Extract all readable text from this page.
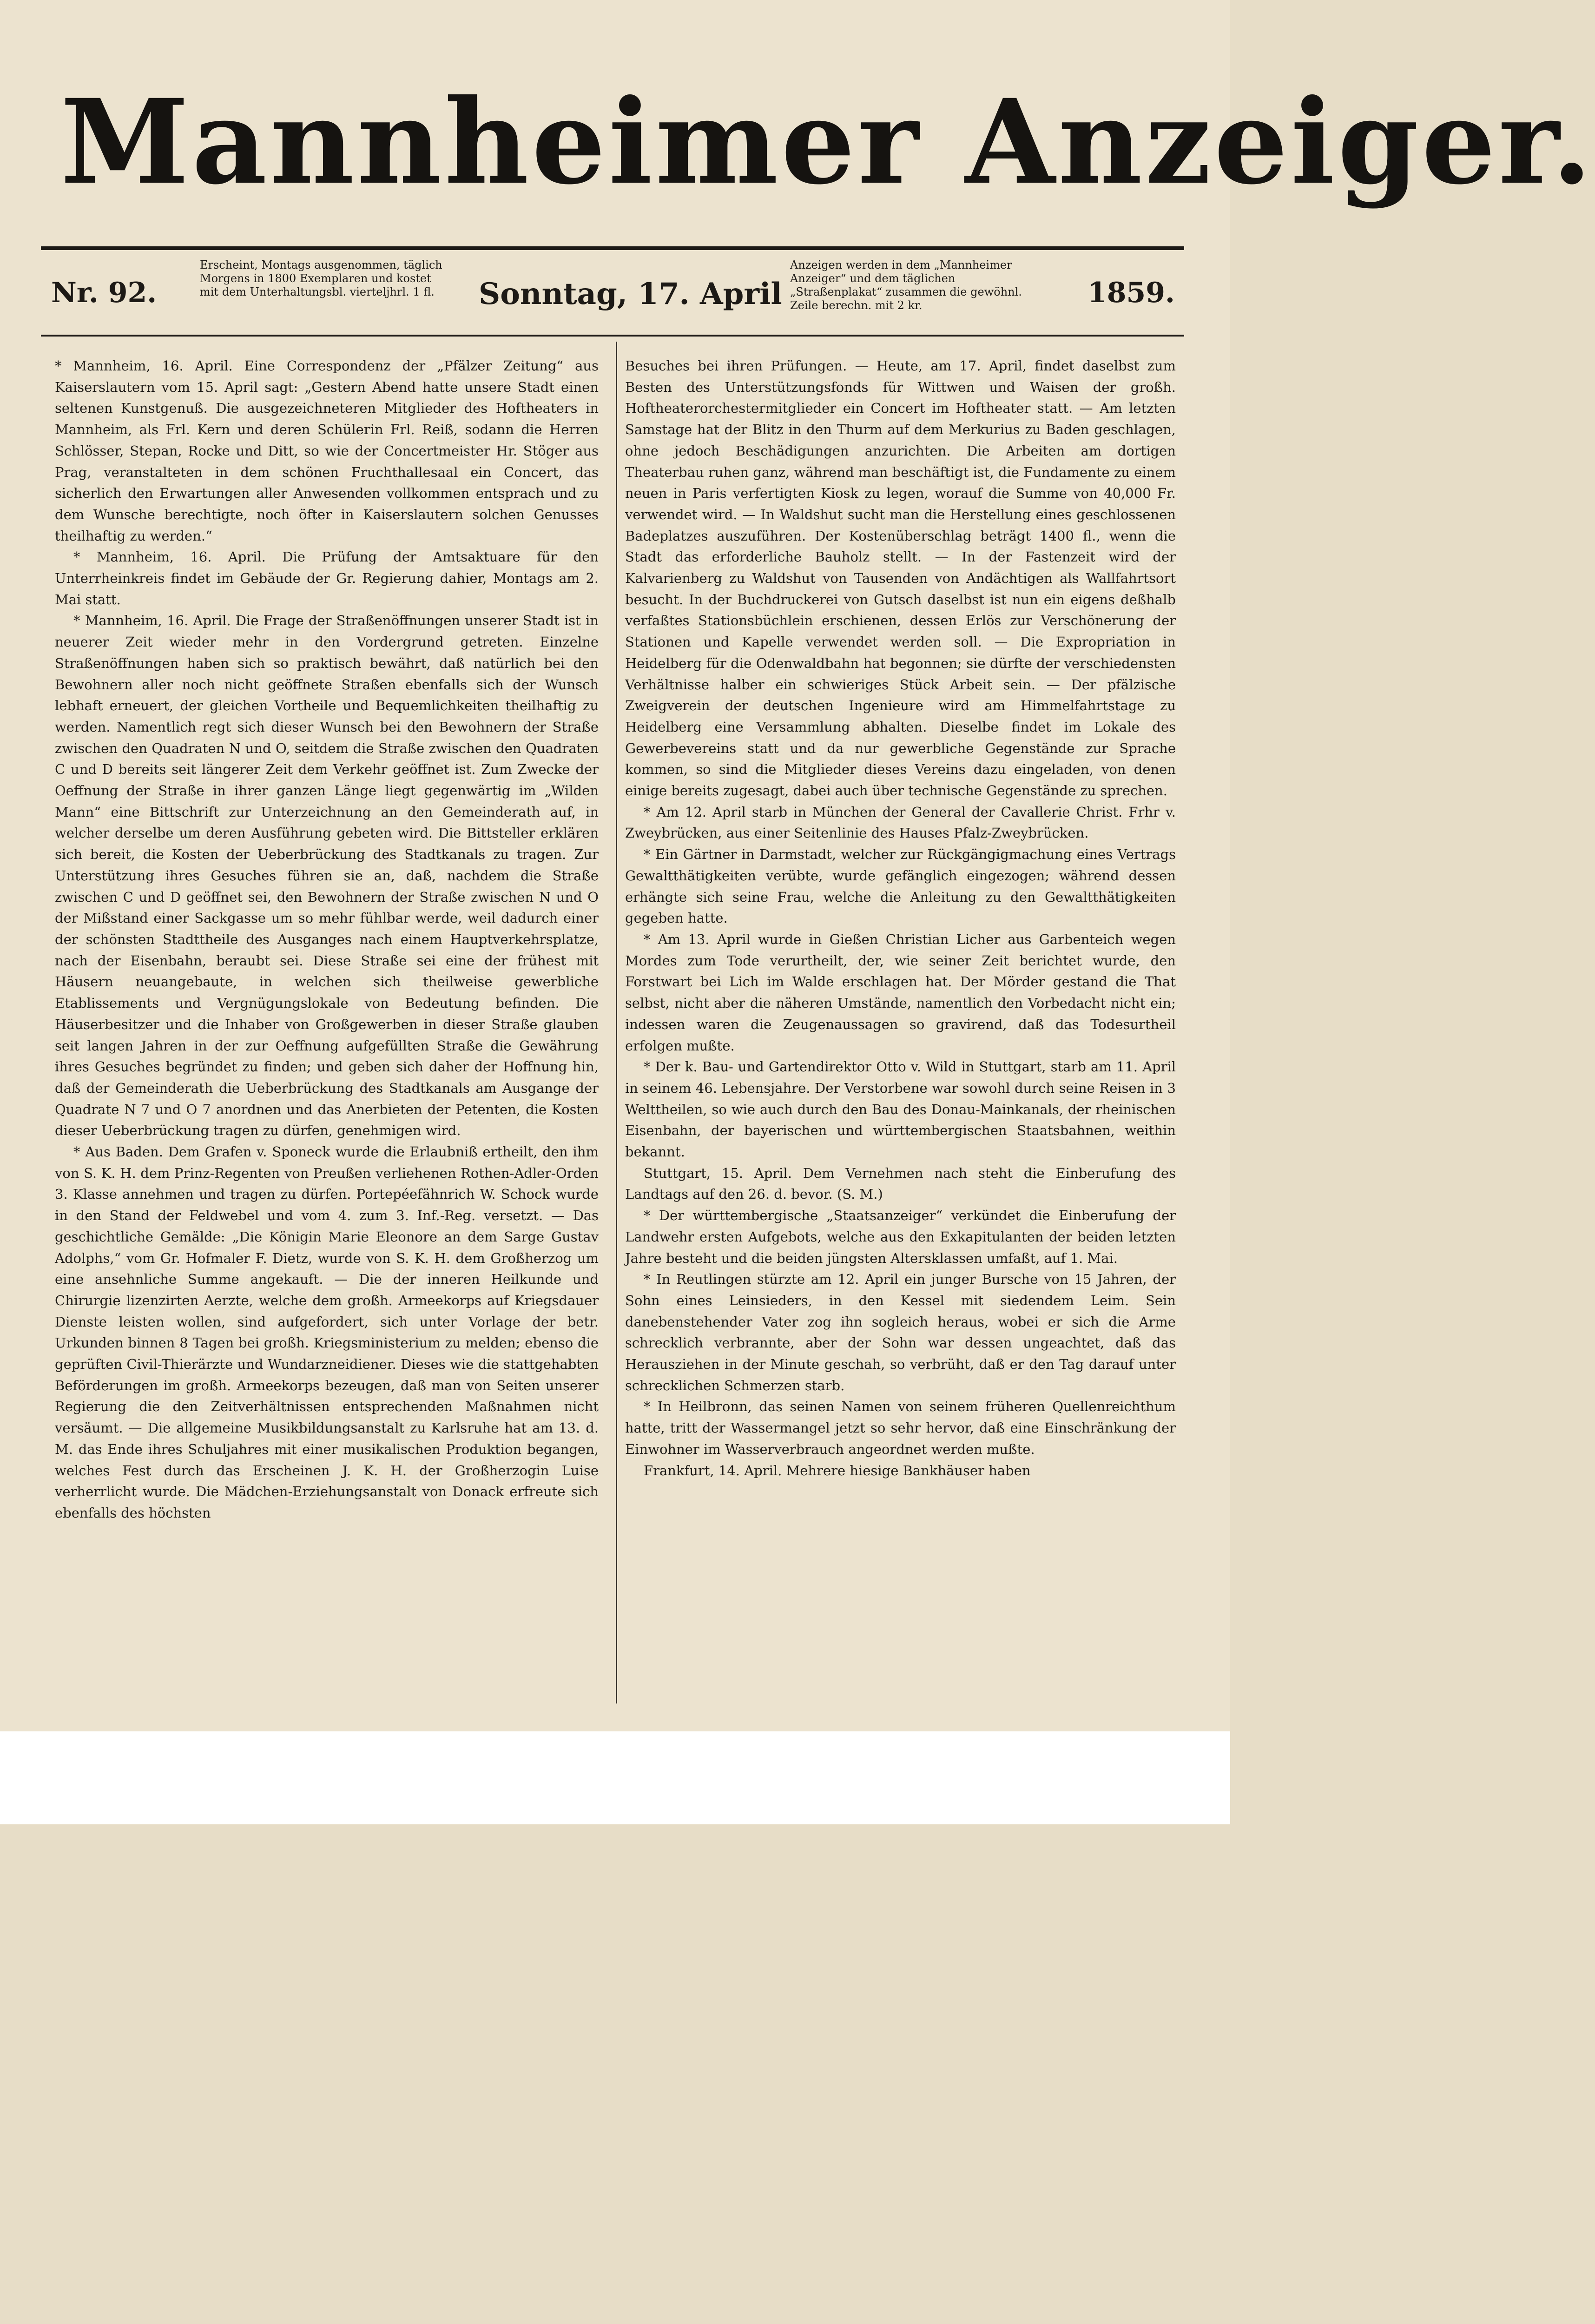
Mannheimer Anzeiger.
Nr. 92.
Erscheint, Montags ausgenommen, täglich Morgens in 1800 Exemplaren und kostet mit dem Unterhaltungsbl. vierteljhrl. 1 fl.	Sonntag, 17. April
Anzeigen werden in dem „Mannheimer Anzeiger“ und dem täglichen „Straßenplakat“ zusammen die gewöhnl. Zeile berechn. mit 2 kr.	1859.

* Mannheim, 16. April. Eine Correspondenz der „Pfälzer Zeitung“ aus Kaiserslautern vom 15. April sagt: „Gestern Abend hatte unsere Stadt einen seltenen Kunstgenuß. Die ausgezeichneteren Mitglieder des Hoftheaters in Mannheim, als Frl. Kern und deren Schülerin Frl. Reiß, sodann die Herren Schlösser, Stepan, Rocke und Ditt, so wie der Concertmeister Hr. Stöger aus Prag, veranstalteten in dem schönen Fruchthallesaal ein Concert, das sicherlich den Erwartungen aller Anwesenden vollkommen entsprach und zu dem Wunsche berechtigte, noch öfter in Kaiserslautern solchen Genusses theilhaftig zu werden.“

* Mannheim, 16. April. Die Prüfung der Amtsaktuare für den Unterrheinkreis findet im Gebäude der Gr. Regierung dahier, Montags am 2. Mai statt.

* Mannheim, 16. April. Die Frage der Straßenöffnungen unserer Stadt ist in neuerer Zeit wieder mehr in den Vordergrund getreten. Einzelne Straßenöffnungen haben sich so praktisch bewährt, daß natürlich bei den Bewohnern aller noch nicht geöffnete Straßen ebenfalls sich der Wunsch lebhaft erneuert, der gleichen Vortheile und Bequemlichkeiten theilhaftig zu werden. Namentlich regt sich dieser Wunsch bei den Bewohnern der Straße zwischen den Quadraten N und O, seitdem die Straße zwischen den Quadraten C und D bereits seit längerer Zeit dem Verkehr geöffnet ist. Zum Zwecke der Oeffnung der Straße in ihrer ganzen Länge liegt gegenwärtig im „Wilden Mann“ eine Bittschrift zur Unterzeichnung an den Gemeinderath auf, in welcher derselbe um deren Ausführung gebeten wird. Die Bittsteller erklären sich bereit, die Kosten der Ueberbrückung des Stadtkanals zu tragen. Zur Unterstützung ihres Gesuches führen sie an, daß, nachdem die Straße zwischen C und D geöffnet sei, den Bewohnern der Straße zwischen N und O der Mißstand einer Sackgasse um so mehr fühlbar werde, weil dadurch einer der schönsten Stadttheile des Ausganges nach einem Hauptverkehrsplatze, nach der Eisenbahn, beraubt sei. Diese Straße sei eine der frühest mit Häusern neuangebaute, in welchen sich theilweise gewerbliche Etablissements und Vergnügungslokale von Bedeutung befinden. Die Häuserbesitzer und die Inhaber von Großgewerben in dieser Straße glauben seit langen Jahren in der zur Oeffnung aufgefüllten Straße die Gewährung ihres Gesuches begründet zu finden; und geben sich daher der Hoffnung hin, daß der Gemeinderath die Ueberbrückung des Stadtkanals am Ausgange der Quadrate N 7 und O 7 anordnen und das Anerbieten der Petenten, die Kosten dieser Ueberbrückung tragen zu dürfen, genehmigen wird.

* Aus Baden. Dem Grafen v. Sponeck wurde die Erlaubniß ertheilt, den ihm von S. K. H. dem Prinz-Regenten von Preußen verliehenen Rothen-Adler-Orden 3. Klasse annehmen und tragen zu dürfen. Portepéefähnrich W. Schock wurde in den Stand der Feldwebel und vom 4. zum 3. Inf.-Reg. versetzt. — Das geschichtliche Gemälde: „Die Königin Marie Eleonore an dem Sarge Gustav Adolphs,“ vom Gr. Hofmaler F. Dietz, wurde von S. K. H. dem Großherzog um eine ansehnliche Summe angekauft. — Die der inneren Heilkunde und Chirurgie lizenzirten Aerzte, welche dem großh. Armeekorps auf Kriegsdauer Dienste leisten wollen, sind aufgefordert, sich unter Vorlage der betr. Urkunden binnen 8 Tagen bei großh. Kriegsministerium zu melden; ebenso die geprüften Civil-Thierärzte und Wundarzneidiener. Dieses wie die stattgehabten Beförderungen im großh. Armeekorps bezeugen, daß man von Seiten unserer Regierung die den Zeitverhältnissen entsprechenden Maßnahmen nicht versäumt. — Die allgemeine Musikbildungsanstalt zu Karlsruhe hat am 13. d. M. das Ende ihres Schuljahres mit einer musikalischen Produktion begangen, welches Fest durch das Erscheinen J. K. H. der Großherzogin Luise verherrlicht wurde. Die Mädchen-Erziehungsanstalt von Donack erfreute sich ebenfalls des höchsten

Besuches bei ihren Prüfungen. — Heute, am 17. April, findet daselbst zum Besten des Unterstützungsfonds für Wittwen und Waisen der großh. Hoftheaterorchestermitglieder ein Concert im Hoftheater statt. — Am letzten Samstage hat der Blitz in den Thurm auf dem Merkurius zu Baden geschlagen, ohne jedoch Beschädigungen anzurichten. Die Arbeiten am dortigen Theaterbau ruhen ganz, während man beschäftigt ist, die Fundamente zu einem neuen in Paris verfertigten Kiosk zu legen, worauf die Summe von 40,000 Fr. verwendet wird. — In Waldshut sucht man die Herstellung eines geschlossenen Badeplatzes auszuführen. Der Kostenüberschlag beträgt 1400 fl., wenn die Stadt das erforderliche Bauholz stellt. — In der Fastenzeit wird der Kalvarienberg zu Waldshut von Tausenden von Andächtigen als Wallfahrtsort besucht. In der Buchdruckerei von Gutsch daselbst ist nun ein eigens deßhalb verfaßtes Stationsbüchlein erschienen, dessen Erlös zur Verschönerung der Stationen und Kapelle verwendet werden soll. — Die Expropriation in Heidelberg für die Odenwaldbahn hat begonnen; sie dürfte der verschiedensten Verhältnisse halber ein schwieriges Stück Arbeit sein. — Der pfälzische Zweigverein der deutschen Ingenieure wird am Himmelfahrtstage zu Heidelberg eine Versammlung abhalten. Dieselbe findet im Lokale des Gewerbevereins statt und da nur gewerbliche Gegenstände zur Sprache kommen, so sind die Mitglieder dieses Vereins dazu eingeladen, von denen einige bereits zugesagt, dabei auch über technische Gegenstände zu sprechen.

* Am 12. April starb in München der General der Cavallerie Christ. Frhr v. Zweybrücken, aus einer Seitenlinie des Hauses Pfalz-Zweybrücken.

* Ein Gärtner in Darmstadt, welcher zur Rückgängigmachung eines Vertrags Gewaltthätigkeiten verübte, wurde gefänglich eingezogen; während dessen erhängte sich seine Frau, welche die Anleitung zu den Gewaltthätigkeiten gegeben hatte.

* Am 13. April wurde in Gießen Christian Licher aus Garbenteich wegen Mordes zum Tode verurtheilt, der, wie seiner Zeit berichtet wurde, den Forstwart bei Lich im Walde erschlagen hat. Der Mörder gestand die That selbst, nicht aber die näheren Umstände, namentlich den Vorbedacht nicht ein; indessen waren die Zeugenaussagen so gravirend, daß das Todesurtheil erfolgen mußte.

* Der k. Bau- und Gartendirektor Otto v. Wild in Stuttgart, starb am 11. April in seinem 46. Lebensjahre. Der Verstorbene war sowohl durch seine Reisen in 3 Welttheilen, so wie auch durch den Bau des Donau-Mainkanals, der rheinischen Eisenbahn, der bayerischen und württembergischen Staatsbahnen, weithin bekannt.

Stuttgart, 15. April. Dem Vernehmen nach steht die Einberufung des Landtags auf den 26. d. bevor. (S. M.)

* Der württembergische „Staatsanzeiger“ verkündet die Einberufung der Landwehr ersten Aufgebots, welche aus den Exkapitulanten der beiden letzten Jahre besteht und die beiden jüngsten Altersklassen umfaßt, auf 1. Mai.

* In Reutlingen stürzte am 12. April ein junger Bursche von 15 Jahren, der Sohn eines Leinsieders, in den Kessel mit siedendem Leim. Sein danebenstehender Vater zog ihn sogleich heraus, wobei er sich die Arme schrecklich verbrannte, aber der Sohn war dessen ungeachtet, daß das Herausziehen in der Minute geschah, so verbrüht, daß er den Tag darauf unter schrecklichen Schmerzen starb.

* In Heilbronn, das seinen Namen von seinem früheren Quellenreichthum hatte, tritt der Wassermangel jetzt so sehr hervor, daß eine Einschränkung der Einwohner im Wasserverbrauch angeordnet werden mußte.

Frankfurt, 14. April. Mehrere hiesige Bankhäuser haben
